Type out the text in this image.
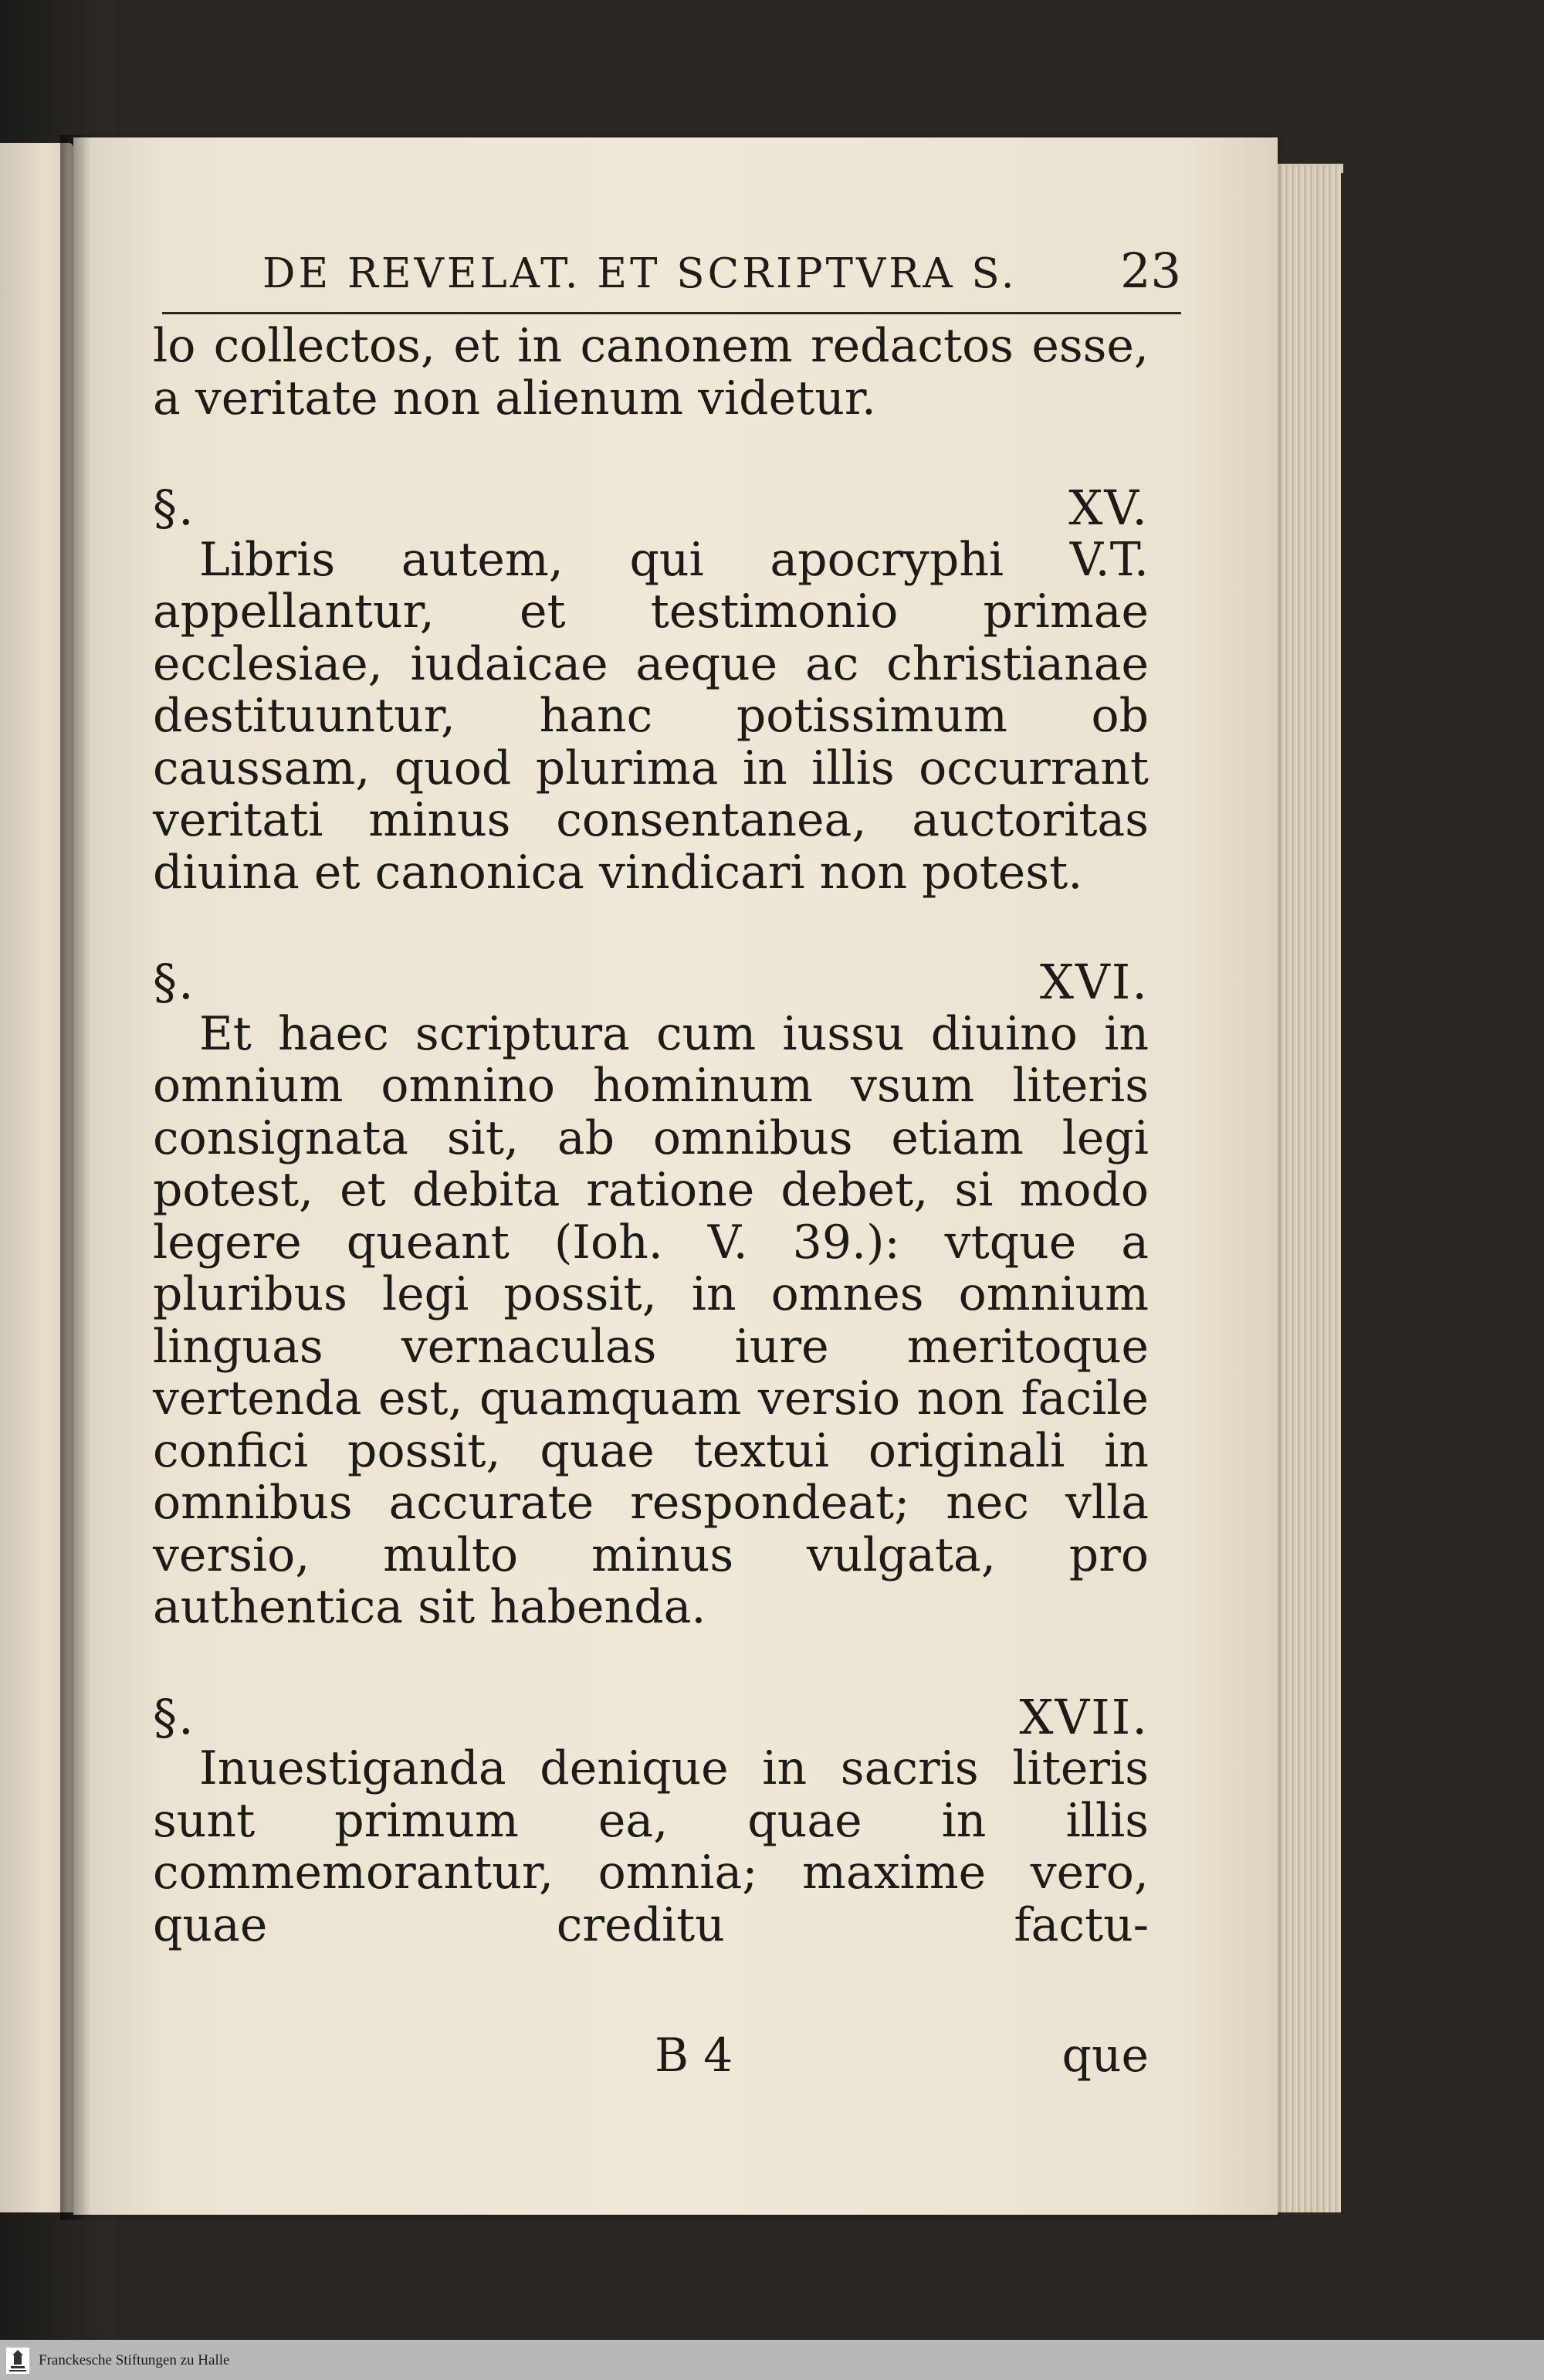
DE REVELAT. ET SCRIPTVRA S. 23

lo collectos, et in canonem redactos esse, a veritate non alienum videtur.

§. XV.

Libris autem, qui apocryphi V.T. appellantur, et testimonio primae ecclesiae, iudaicae aeque ac christianae destituuntur, hanc potissimum ob caussam, quod plurima in illis occurrant veritati minus consentanea, auctoritas diuina et canonica vindicari non potest.

§. XVI.

Et haec scriptura cum iussu diuino in omnium omnino hominum vsum literis consignata sit, ab omnibus etiam legi potest, et debita ratione debet, si modo legere queant (Ioh. V. 39.): vtque a pluribus legi possit, in omnes omnium linguas vernaculas iure meritoque vertenda est, quamquam versio non facile confici possit, quae textui originali in omnibus accurate respondeat; nec vlla versio, multo minus vulgata, pro authentica sit habenda.

§. XVII.

Inuestiganda denique in sacris literis sunt primum ea, quae in illis commemorantur, omnia; maxime vero, quae creditu factu-

B 4	que
Franckesche Stiftungen zu Halle
